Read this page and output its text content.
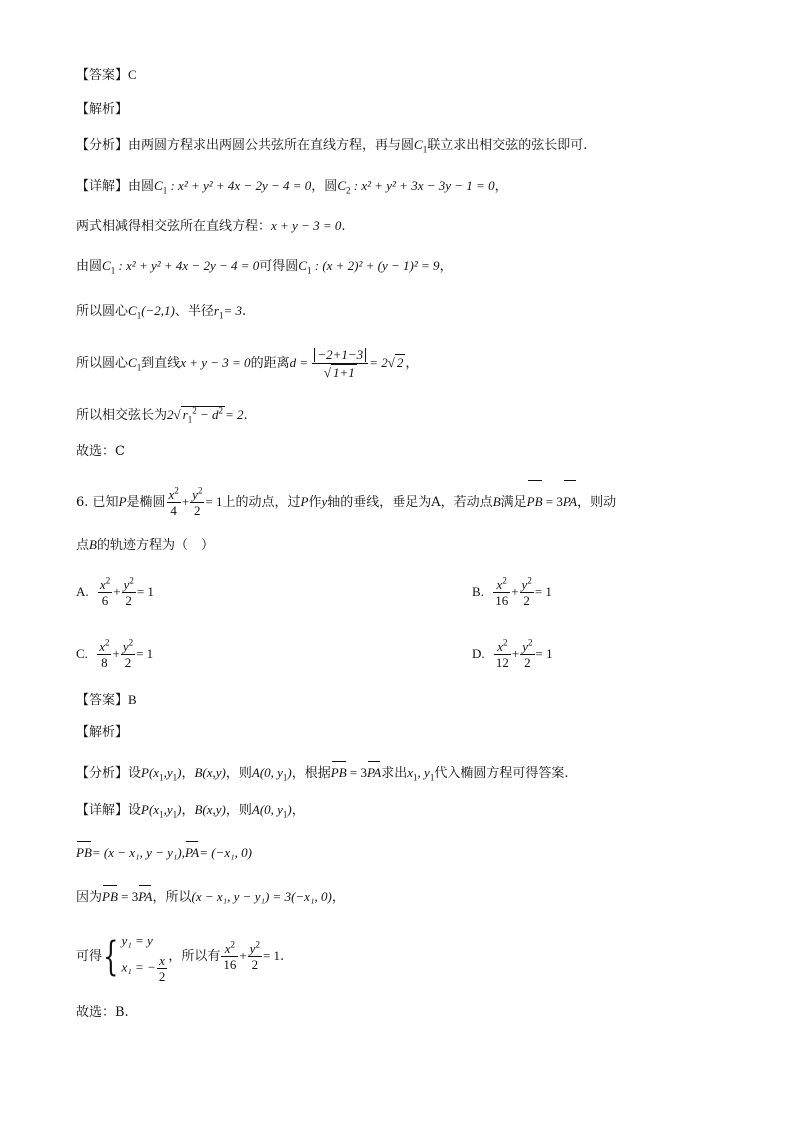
【答案】C
【解析】
【分析】由两圆方程求出两圆公共弦所在直线方程，再与圆$C_1$联立求出相交弦的弦长即可.
【详解】由圆$C_1$ : x² + y² + 4x − 2y − 4 = 0，圆$C_2$ : x² + y² + 3x − 3y − 1 = 0，
两式相减得相交弦所在直线方程：x + y − 3 = 0.
由圆$C_1$ : x² + y² + 4x − 2y − 4 = 0可得圆$C_1$ : (x + 2)² + (y − 1)² = 9，
所以圆心$C_1(-2,1)$、半径$r_1= 3$.
所以圆心$C_1$到直线x + y − 3 = 0的距离$d = \frac{-2+1-3}{√ 1+1} = 2√$ 2 ，
所以相交弦长为2√ $r_1^2 - d^2 = 2$.
故选：C
6. 已知P是椭圆 $\frac{x^2}{4} + \frac{y^2}{2} = 1$上的动点，过P作y轴的垂线，垂足为A，若动点B满足PB = 3PA，则动
点B的轨迹方程为（　）
A. $\frac{x^2}{6} + \frac{y^2}{2} = 1$	B. $\frac{x^2}{16} + \frac{y^2}{2} = 1$
C. $\frac{x^2}{8} + \frac{y^2}{2} = 1$	D. $\frac{x^2}{12} + \frac{y^2}{2} = 1$
【答案】B
【解析】
【分析】设$P(x_1,y_1)$，B(x,y)，则A(0, $y_1$)，根据PB = 3PA求出$x_1$, $y_1$代入椭圆方程可得答案.
【详解】设$P(x_1,y_1)$，B(x,y)，则A(0, $y_1$)，
PB= (x − x₁, y − y₁),PA= (−x₁, 0)
因为PB = 3PA，所以(x − x₁, y − y₁) = 3(−x₁, 0)，
可得{ y₁ = y
x₁ = − $\frac{x}{2}$ ，所以有 $\frac{x^2}{16} + \frac{y^2}{2} = 1$.
故选：B.
